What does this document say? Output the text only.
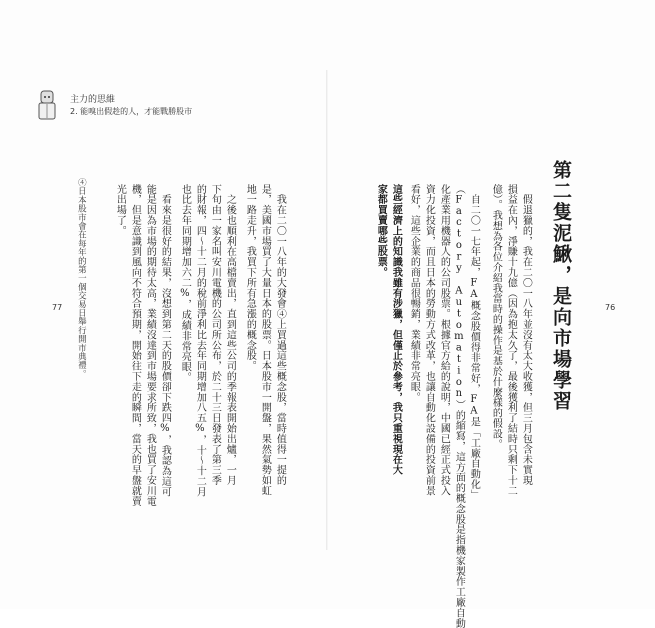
主力的思維
2. 能嗅出假趁的人，才能戰勝股市
④日本股市會在每年的第一個交易日舉行開市典禮。	　我在二〇一八年的大發會④上買過這些概念股，當時值得一提的
是，美國市場買了大量日本的股票。日本股市一開盤，果然氣勢如虹
地一路走升，我買下所有急漲的概念股。
　之後也順利在高檔賣出，直到這些公司的季報表開始出爐，一月
下旬由一家名叫安川電機的公司所公布，於二十三日發表了第三季
的財報，四～十二月的稅前淨利比去年同期增加八五%，十～十二月
也比去年同期增加六二%，成績非常亮眼。
　看來是很好的結果，沒想到第二天的股價卻下跌四%，我認為這可
能是因為市場的期待太高，業績沒達到市場要求所致，我也買了安川電
機，但是意識到風向不符合預期，開始往下走的瞬間，當天的早盤就賣
光出場了。
77	第二隻泥鰍，是向市場學習
　假退獵的，我在二〇一八年並沒有太大收獲，但三月包含未實現
損益在內，淨賺十九億（因為抱太久了，最後獲利了結時只剩下十二
億）。我想為各位介紹我當時的操作是基於什麼樣的假設。
　自二〇一七年起，FA概念股價得非常好，FA是「工廠自動化」
（Factory Automation）的縮寫，這方面的概念股是指機家製作工廠自動
化產業用機器人的公司股票。根據官方給的說明，中國已經正式投入
資力化投資，而且日本的勞動方式改革，也讓自動化設備的投資前景
看好，這些企業的商品很暢銷，業績非常亮眼。
這些經濟上的知識我雖有涉獵，但僅止於參考，我只重視現在大
家都買賣哪些股票。
76
